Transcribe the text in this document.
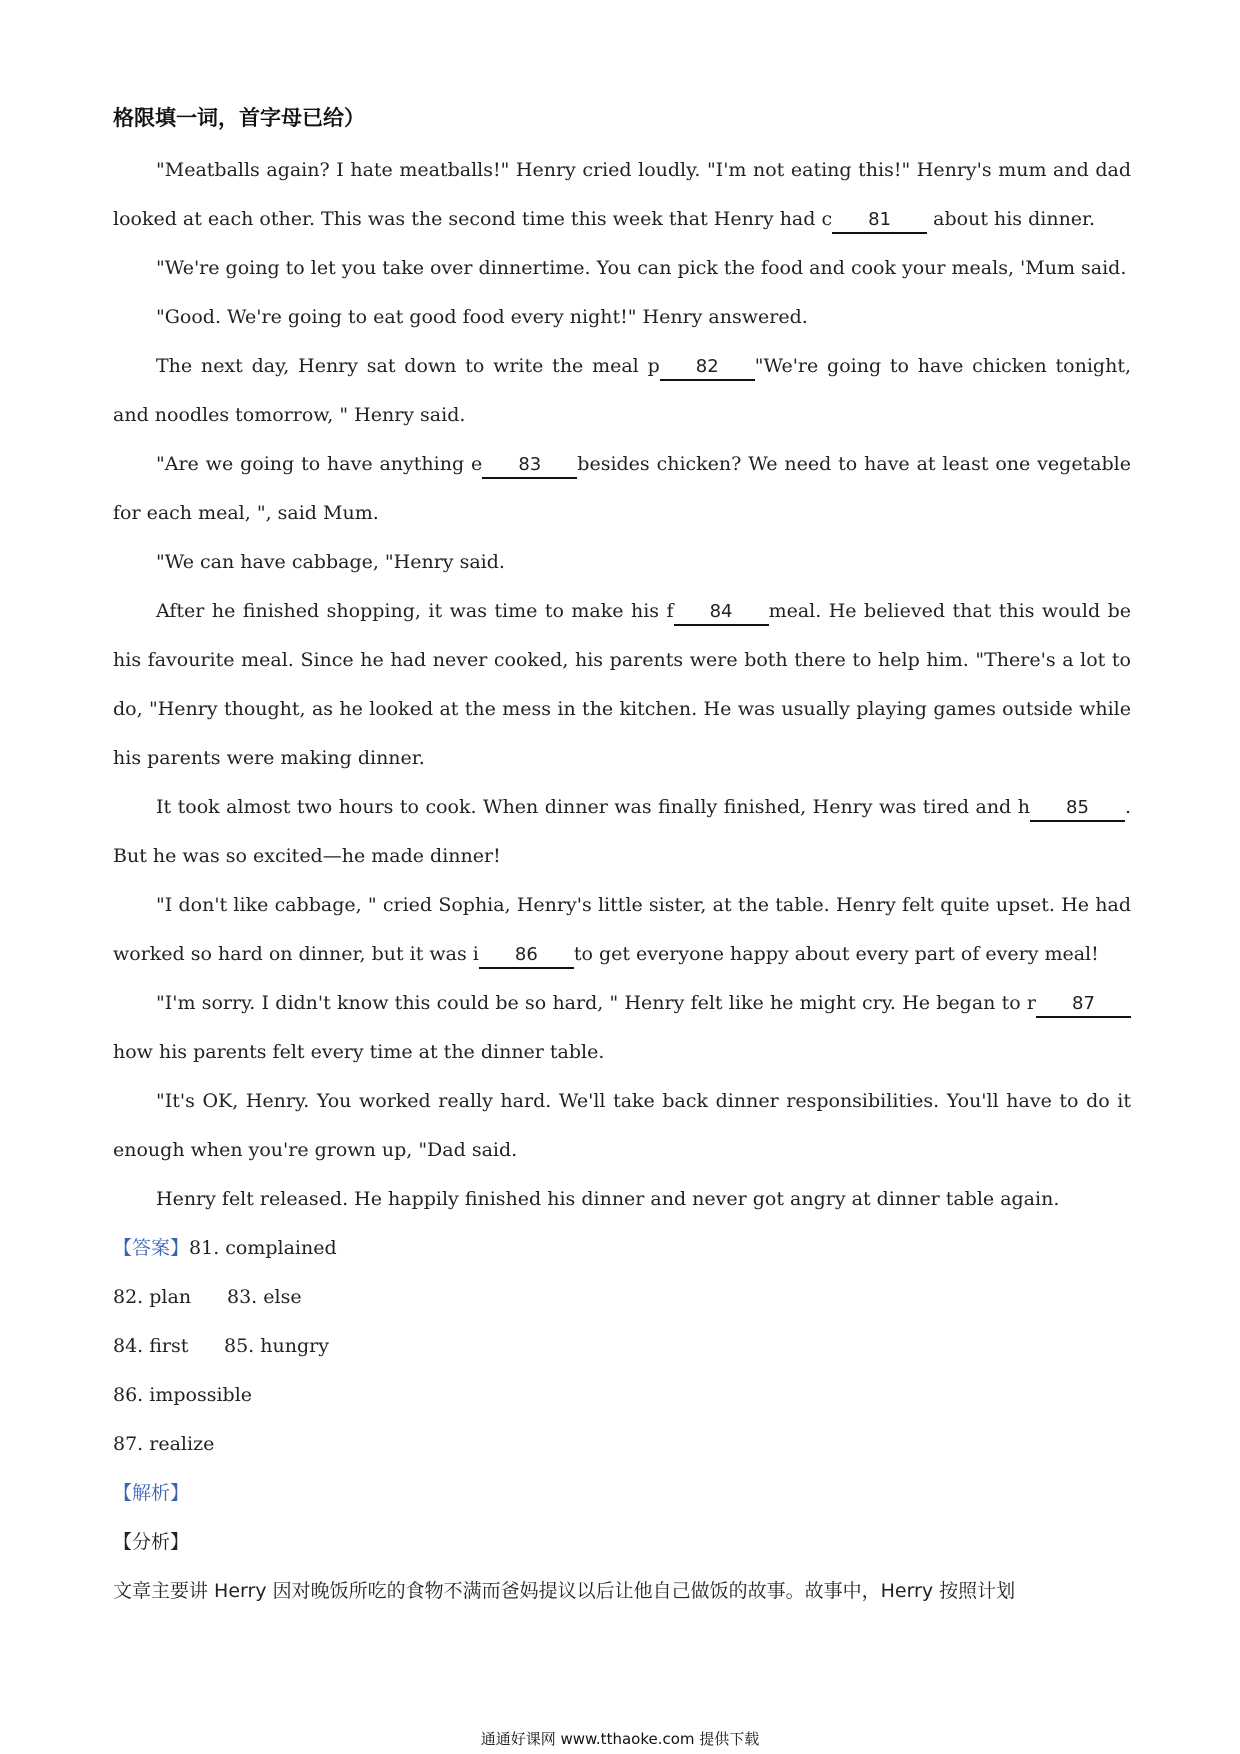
格限填一词，首字母已给）

"Meatballs again? I hate meatballs!" Henry cried loudly. "I'm not eating this!" Henry's mum and dad looked at each other. This was the second time this week that Henry had c 81 about his dinner.

"We're going to let you take over dinnertime. You can pick the food and cook your meals, 'Mum said.

"Good. We're going to eat good food every night!" Henry answered.

The next day, Henry sat down to write the meal p 82 "We're going to have chicken tonight, and noodles tomorrow, " Henry said.

"Are we going to have anything e 83 besides chicken? We need to have at least one vegetable for each meal, ", said Mum.

"We can have cabbage, "Henry said.

After he finished shopping, it was time to make his f 84 meal. He believed that this would be his favourite meal. Since he had never cooked, his parents were both there to help him. "There's a lot to do, "Henry thought, as he looked at the mess in the kitchen. He was usually playing games outside while his parents were making dinner.

It took almost two hours to cook. When dinner was finally finished, Henry was tired and h 85 . But he was so excited—he made dinner!

"I don't like cabbage, " cried Sophia, Henry's little sister, at the table. Henry felt quite upset. He had worked so hard on dinner, but it was i 86 to get everyone happy about every part of every meal!

"I'm sorry. I didn't know this could be so hard, " Henry felt like he might cry. He began to r 87how his parents felt every time at the dinner table.

"It's OK, Henry. You worked really hard. We'll take back dinner responsibilities. You'll have to do it enough when you're grown up, "Dad said.

Henry felt released. He happily finished his dinner and never got angry at dinner table again.

【答案】81. complained
82. plan 83. else
84. first 85. hungry
86. impossible
87. realize
【解析】
【分析】

文章主要讲 Herry 因对晚饭所吃的食物不满而爸妈提议以后让他自己做饭的故事。故事中，Herry 按照计划

通通好课网 www.tthaoke.com 提供下载
